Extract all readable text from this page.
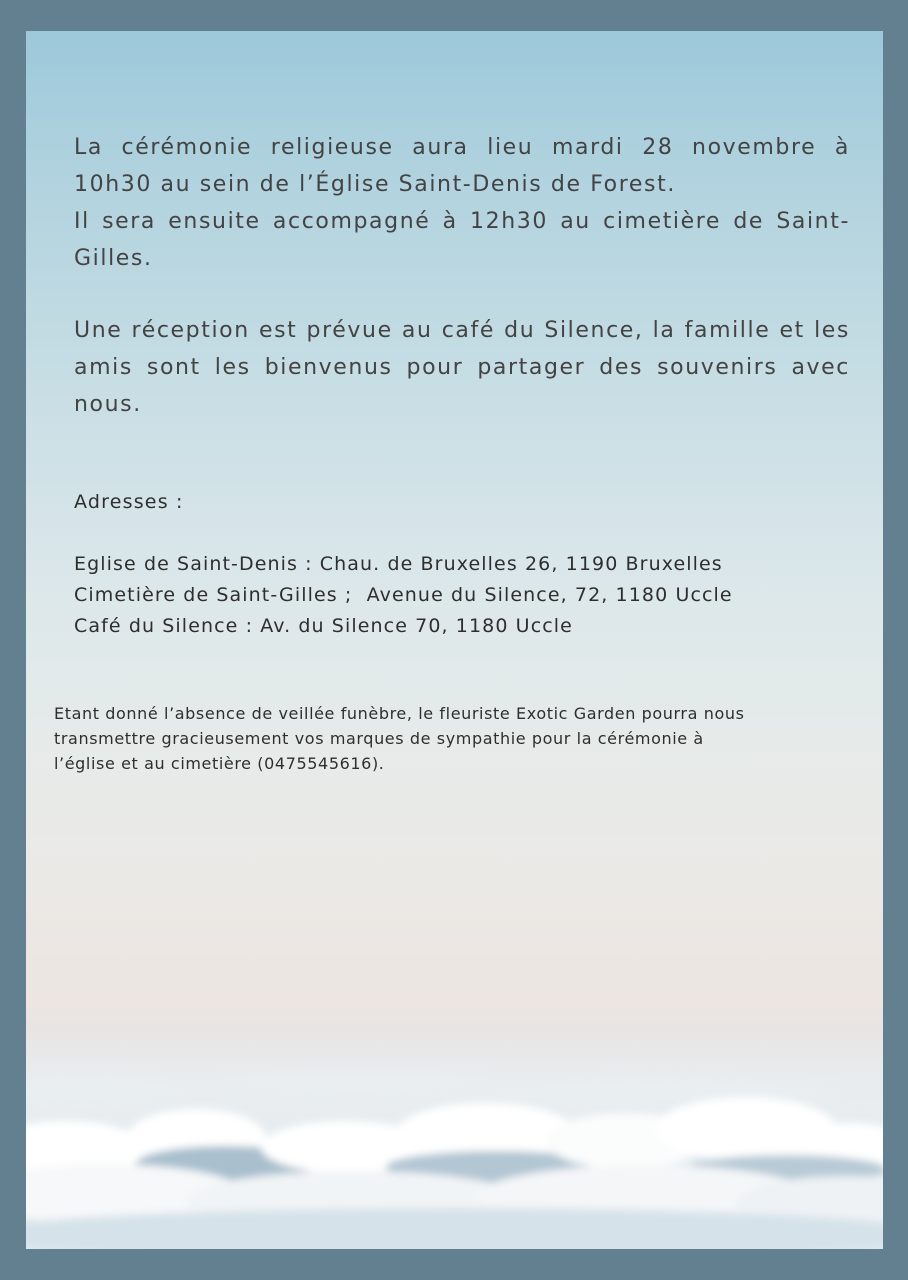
La cérémonie religieuse aura lieu mardi 28 novembre à 10h30 au sein de l’Église Saint-Denis de Forest.
Il sera ensuite accompagné à 12h30 au cimetière de Saint-Gilles.

Une réception est prévue au café du Silence, la famille et les amis sont les bienvenus pour partager des souvenirs avec nous.

Adresses :

Eglise de Saint-Denis : Chau. de Bruxelles 26, 1190 Bruxelles
Cimetière de Saint-Gilles ;  Avenue du Silence, 72, 1180 Uccle
Café du Silence : Av. du Silence 70, 1180 Uccle

Etant donné l’absence de veillée funèbre, le fleuriste Exotic Garden pourra nous
transmettre gracieusement vos marques de sympathie pour la cérémonie à
l’église et au cimetière (0475545616).
